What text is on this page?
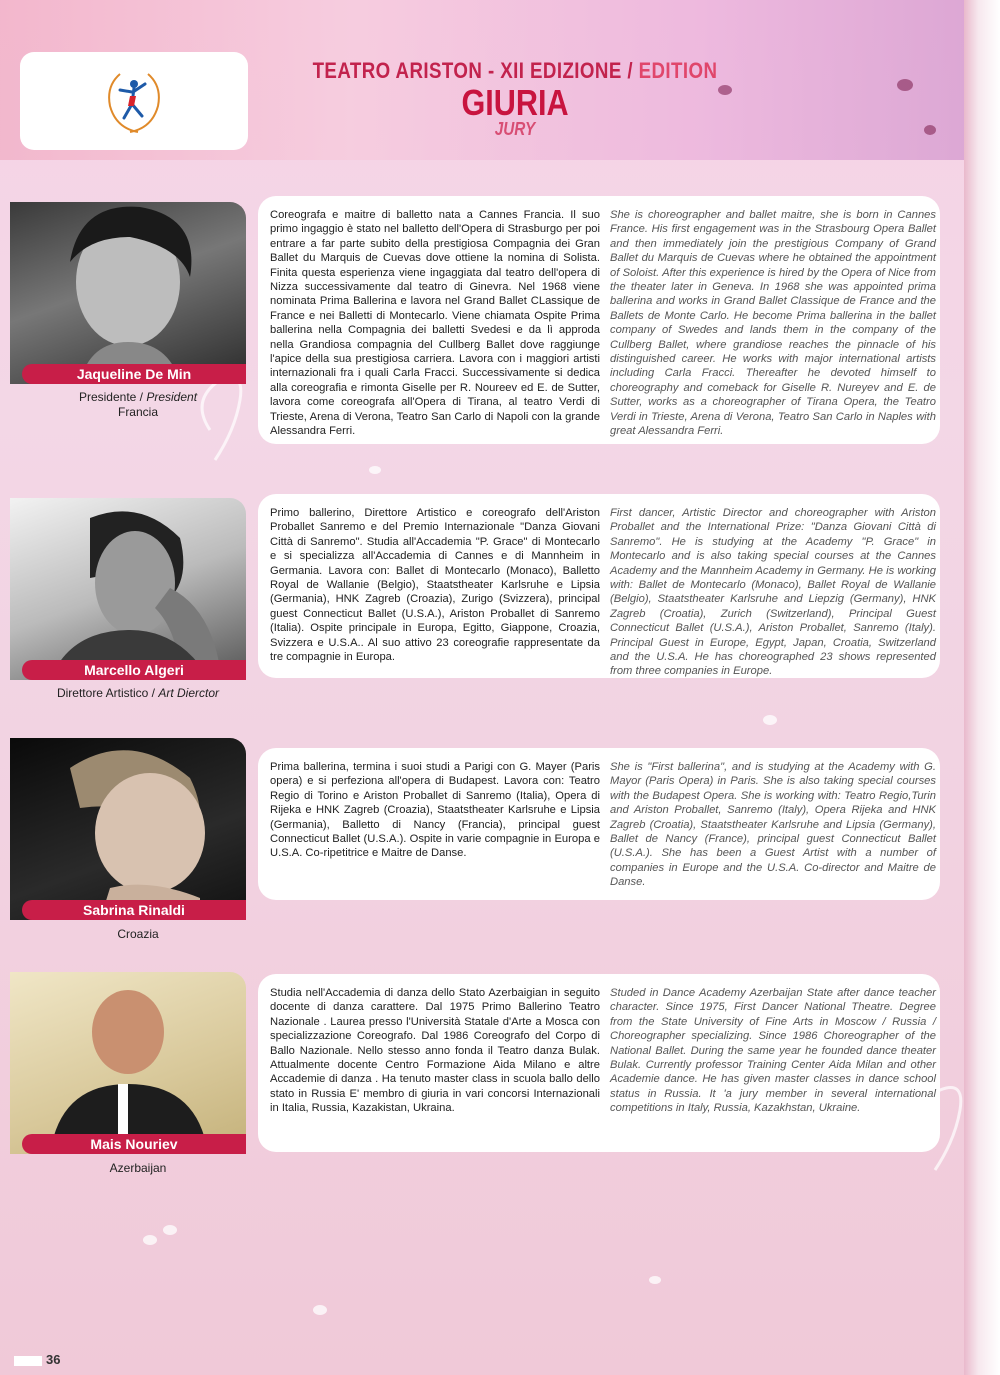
TEATRO ARISTON - XII EDIZIONE / EDITION
GIURIA
JURY
Jaqueline De Min
Presidente / President
Francia
Coreografa e maitre di balletto nata a Cannes Francia. Il suo primo ingaggio è stato nel balletto dell'Opera di Strasburgo per poi entrare a far parte subito della prestigiosa Compagnia dei Gran Ballet du Marquis de Cuevas dove ottiene la nomina di Solista. Finita questa esperienza viene ingaggiata dal teatro dell'opera di Nizza successivamente dal teatro di Ginevra. Nel 1968 viene nominata Prima Ballerina e lavora nel Grand Ballet CLassique de France e nei Balletti di Montecarlo. Viene chiamata Ospite Prima ballerina nella Compagnia dei balletti Svedesi e da lì approda nella Grandiosa compagnia del Cullberg Ballet dove raggiunge l'apice della sua prestigiosa carriera. Lavora con i maggiori artisti internazionali fra i quali Carla Fracci. Successivamente si dedica alla coreografia e rimonta Giselle per R. Noureev ed E. de Sutter, lavora come coreografa all'Opera di Tirana, al teatro Verdi di Trieste, Arena di Verona, Teatro San Carlo di Napoli con la grande Alessandra Ferri.
She is choreographer and ballet maitre, she is born in Cannes France. His first engagement was in the Strasbourg Opera Ballet and then immediately join the prestigious Company of Grand Ballet du Marquis de Cuevas where he obtained the appointment of Soloist. After this experience is hired by the Opera of Nice from the theater later in Geneva. In 1968 she was appointed prima ballerina and works in Grand Ballet Classique de France and the Ballets de Monte Carlo. He become Prima ballerina in the ballet company of Swedes and lands them in the company of the Cullberg Ballet, where grandiose reaches the pinnacle of his distinguished career. He works with major international artists including Carla Fracci. Thereafter he devoted himself to choreography and comeback for Giselle R. Nureyev and E. de Sutter, works as a choreographer of Tirana Opera, the Teatro Verdi in Trieste, Arena di Verona, Teatro San Carlo in Naples with great Alessandra Ferri.
Marcello Algeri
Direttore Artistico / Art Dierctor
Primo ballerino, Direttore Artistico e coreografo dell'Ariston Proballet Sanremo e del Premio Internazionale "Danza Giovani Città di Sanremo". Studia all'Accademia "P. Grace" di Montecarlo e si specializza all'Accademia di Cannes e di Mannheim in Germania. Lavora con: Ballet di Montecarlo (Monaco), Balletto Royal de Wallanie (Belgio), Staatstheater Karlsruhe e Lipsia (Germania), HNK Zagreb (Croazia), Zurigo (Svizzera), principal guest Connecticut Ballet (U.S.A.), Ariston Proballet di Sanremo (Italia). Ospite principale in Europa, Egitto, Giappone, Croazia, Svizzera e U.S.A.. Al suo attivo 23 coreografie rappresentate da tre compagnie in Europa.
First dancer, Artistic Director and choreographer with Ariston Proballet and the International Prize: "Danza Giovani Città di Sanremo". He is studying at the Academy "P. Grace" in Montecarlo and is also taking special courses at the Cannes Academy and the Mannheim Academy in Germany. He is working with: Ballet de Montecarlo (Monaco), Ballet Royal de Wallanie (Belgio), Staatstheater Karlsruhe and Liepzig (Germany), HNK Zagreb (Croatia), Zurich (Switzerland), Principal Guest Connecticut Ballet (U.S.A.), Ariston Proballet, Sanremo (Italy). Principal Guest in Europe, Egypt, Japan, Croatia, Switzerland and the U.S.A. He has choreographed 23 shows represented from three companies in Europe.
Sabrina Rinaldi
Croazia
Prima ballerina, termina i suoi studi a Parigi con G. Mayer (Paris opera) e si perfeziona all'opera di Budapest. Lavora con: Teatro Regio di Torino e Ariston Proballet di Sanremo (Italia), Opera di Rijeka e HNK Zagreb (Croazia), Staatstheater Karlsruhe e Lipsia (Germania), Balletto di Nancy (Francia), principal guest Connecticut Ballet (U.S.A.). Ospite in varie compagnie in Europa e U.S.A. Co-ripetitrice e Maitre de Danse.
She is "First ballerina", and is studying at the Academy with G. Mayor (Paris Opera) in Paris. She is also taking special courses with the Budapest Opera. She is working with: Teatro Regio,Turin and Ariston Proballet, Sanremo (Italy), Opera Rijeka and HNK Zagreb (Croatia), Staatstheater Karlsruhe and Lipsia (Germany), Ballet de Nancy (France), principal guest Connecticut Ballet (U.S.A.). She has been a Guest Artist with a number of companies in Europe and the U.S.A. Co-director and Maitre de Danse.
Mais Nouriev
Azerbaijan
Studia nell'Accademia di danza dello Stato Azerbaigian in seguito docente di danza carattere. Dal 1975 Primo Ballerino Teatro Nazionale . Laurea presso l'Università Statale d'Arte a Mosca con specializzazione Coreografo. Dal 1986 Coreografo del Corpo di Ballo Nazionale. Nello stesso anno fonda il Teatro danza Bulak. Attualmente docente Centro Formazione Aida Milano e altre Accademie di danza . Ha tenuto master class in scuola ballo dello stato in Russia E' membro di giuria in vari concorsi Internazionali in Italia, Russia, Kazakistan, Ukraina.
Studed in Dance Academy Azerbaijan State after dance teacher character. Since 1975, First Dancer National Theatre. Degree from the State University of Fine Arts in Moscow / Russia / Choreographer specializing. Since 1986 Choreographer of the National Ballet. During the same year he founded dance theater Bulak. Currently professor Training Center Aida Milan and other Academie dance. He has given master classes in dance school status in Russia. It 'a jury member in several international competitions in Italy, Russia, Kazakhstan, Ukraine.
36
